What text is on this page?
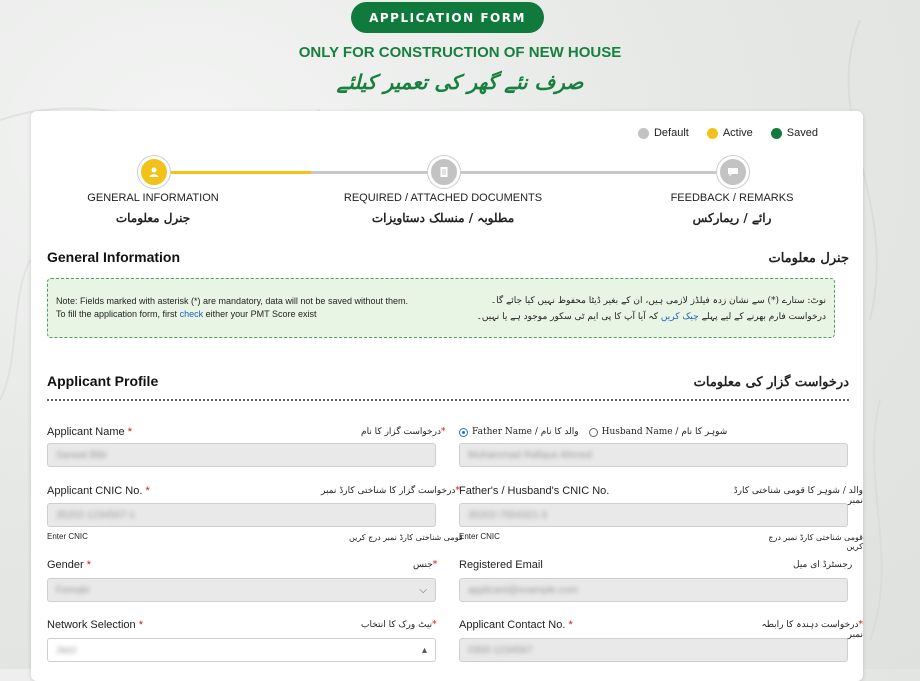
APPLICATION FORM
ONLY FOR CONSTRUCTION OF NEW HOUSE
صرف نئے گھر کی تعمیر کیلئے
Default	Active	Saved
GENERAL INFORMATION
جنرل معلومات
REQUIRED / ATTACHED DOCUMENTS
مطلوبہ / منسلک دستاویزات
FEEDBACK / REMARKS
رائے / ریمارکس
General Information	جنرل معلومات
Note: Fields marked with asterisk (*) are mandatory, data will not be saved without them.
To fill the application form, first check either your PMT Score exist
نوٹ: ستارے (*) سے نشان زدہ فیلڈز لازمی ہیں، ان کے بغیر ڈیٹا محفوظ نہیں کیا جائے گا۔
درخواست فارم بھرنے کے لیے پہلے چیک کریں کہ آیا آپ کا پی ایم ٹی سکور موجود ہے یا نہیں۔
Applicant Profile	درخواست گزار کی معلومات
Applicant Name *	*درخواست گزار کا نام
Sarwat Bibi
Father Name / والد کا نام	Husband Name / شوہر کا نام
Muhammad Rafique Ahmed
Applicant CNIC No. *	*درخواست گزار کا شناختی کارڈ نمبر
35202-1234567-1
Enter CNIC	قومی شناختی کارڈ نمبر درج کریں
Father's / Husband's CNIC No.	والد / شوہر کا قومی شناختی کارڈ نمبر
35202-7654321-3
Enter CNIC	قومی شناختی کارڈ نمبر درج کریں
Gender *	*جنس
Female	⌵
Registered Email	رجسٹرڈ ای میل
applicant@example.com
Network Selection *	*نیٹ ورک کا انتخاب
Jazz	▴
Applicant Contact No. *	*درخواست دہندہ کا رابطہ نمبر
0300-1234567
